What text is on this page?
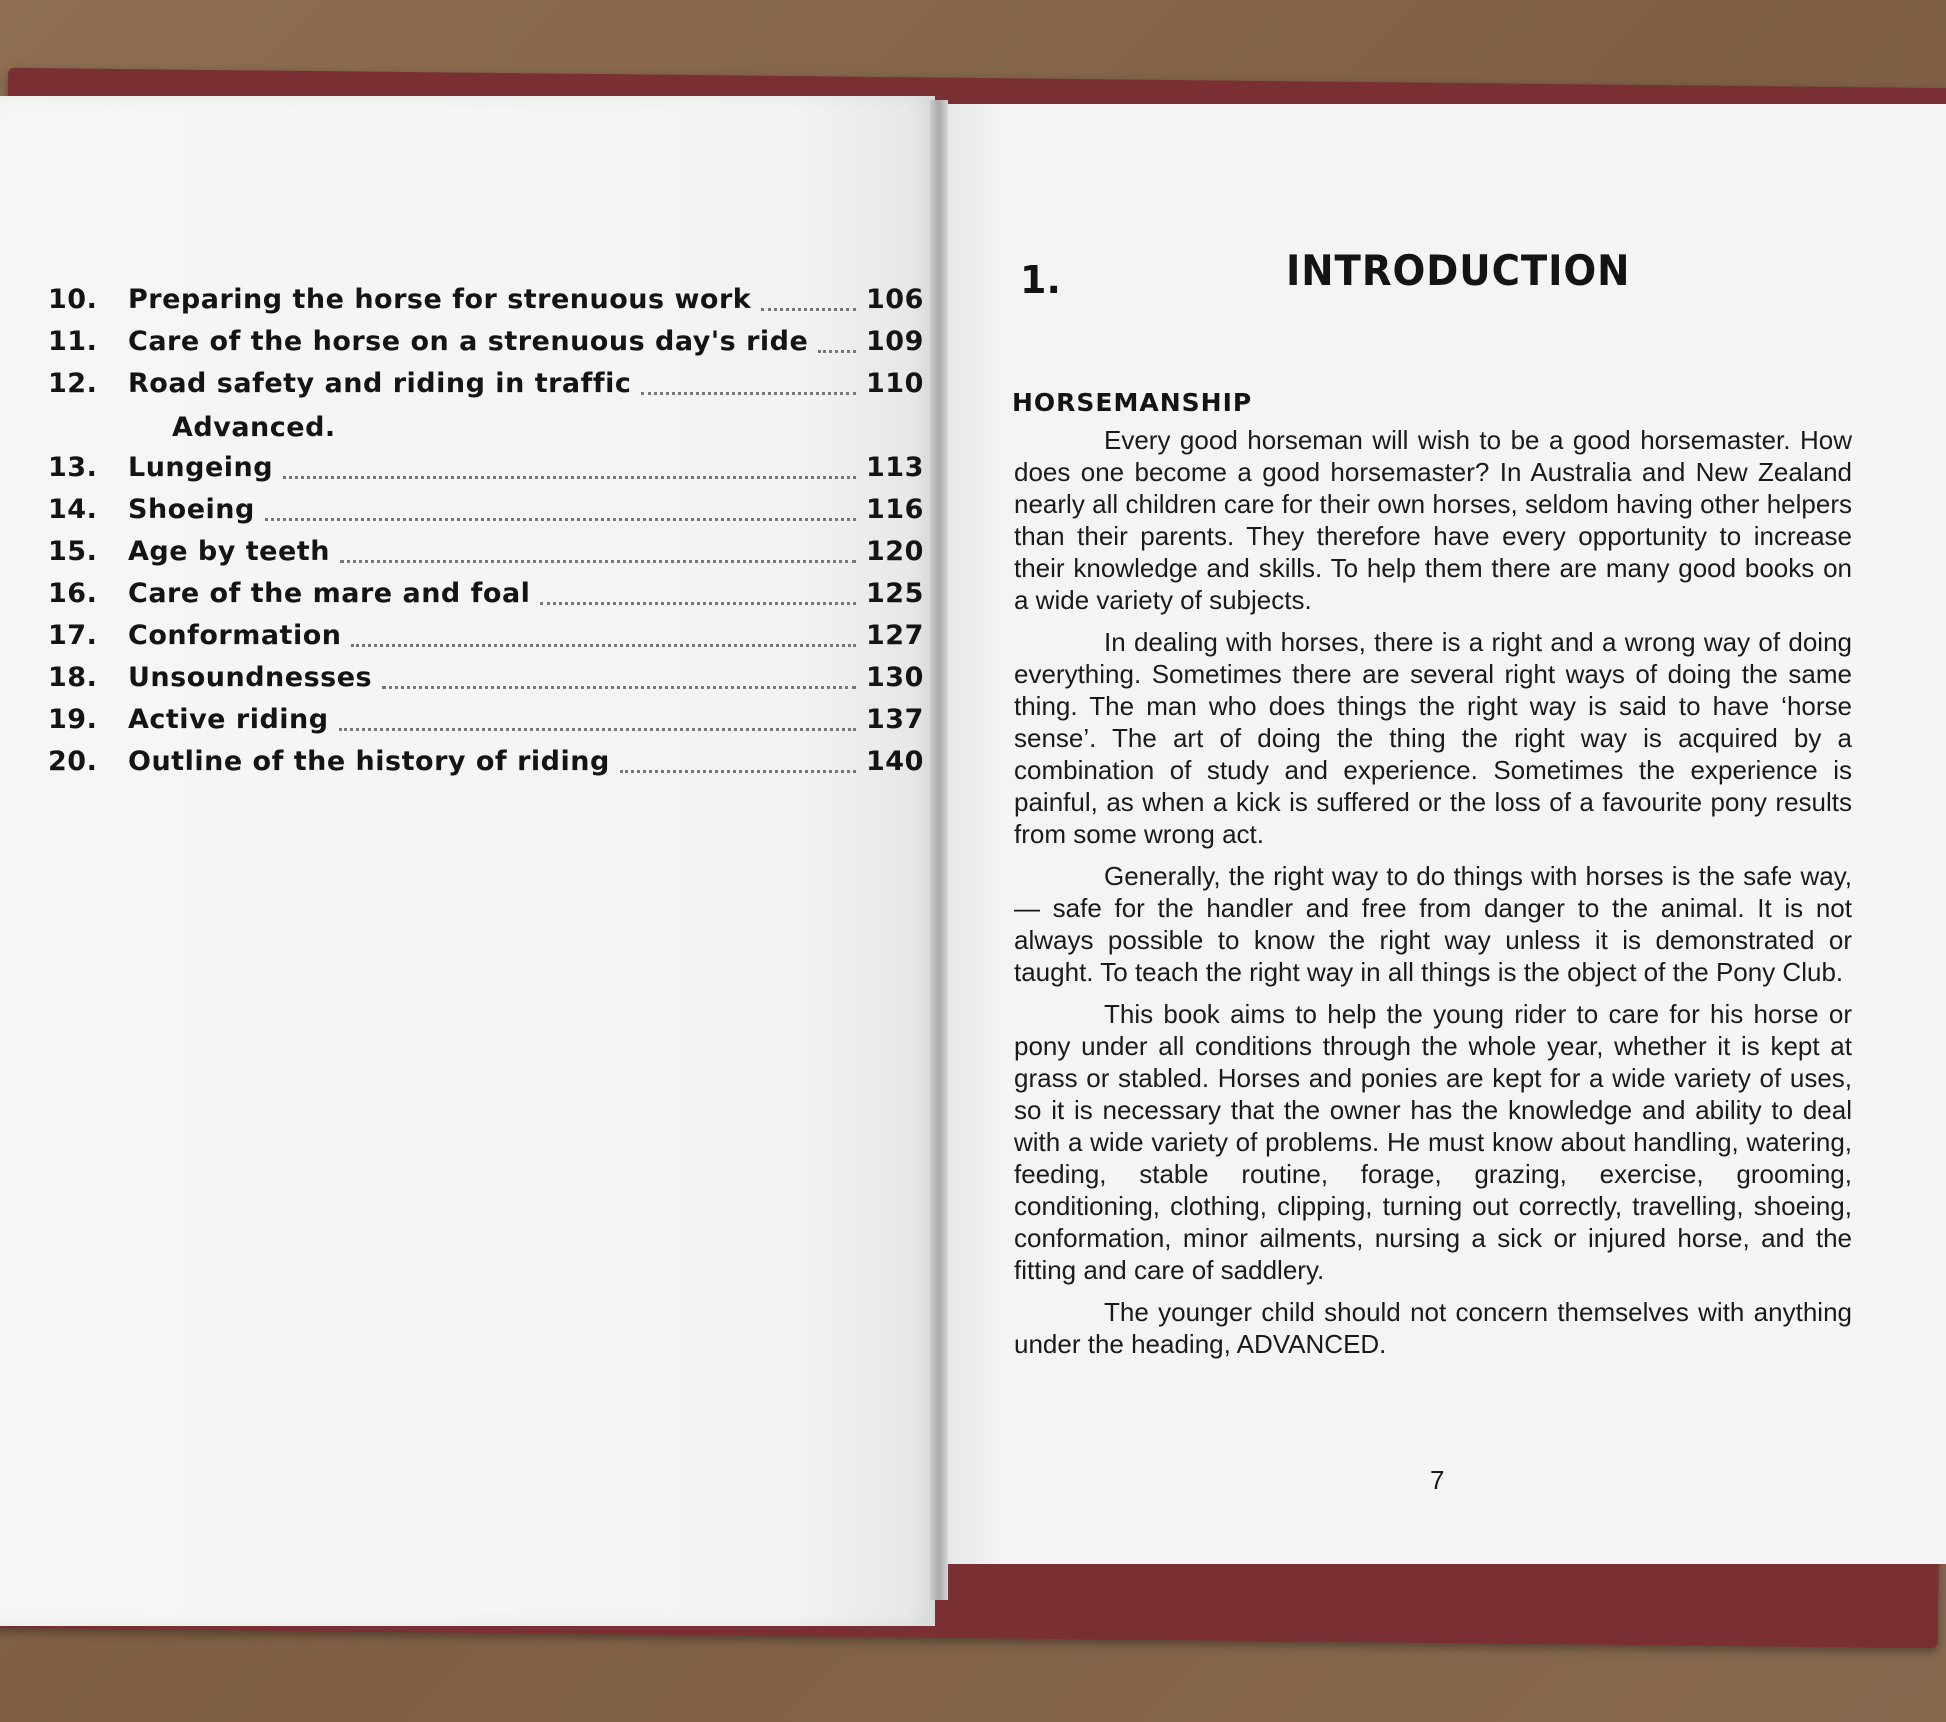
10.	Preparing the horse for strenuous work	106
11.	Care of the horse on a strenuous day's ride 109
12.	Road safety and riding in traffic	110
Advanced.
13.	Lungeing	113
14.	Shoeing	116
15.	Age by teeth	120
16.	Care of the mare and foal	125
17.	Conformation	127
18.	Unsoundnesses	130
19.	Active riding	137
20.	Outline of the history of riding	140
1.	INTRODUCTION
HORSEMANSHIP

Every good horseman will wish to be a good horsemaster. How does one become a good horsemaster? In Australia and New Zealand nearly all children care for their own horses, seldom having other helpers than their parents. They therefore have every opportunity to increase their knowledge and skills. To help them there are many good books on a wide variety of subjects.

In dealing with horses, there is a right and a wrong way of doing everything. Sometimes there are several right ways of doing the same thing. The man who does things the right way is said to have ‘horse sense’. The art of doing the thing the right way is acquired by a combination of study and experience. Sometimes the experience is painful, as when a kick is suffered or the loss of a favourite pony results from some wrong act.

Generally, the right way to do things with horses is the safe way, — safe for the handler and free from danger to the animal. It is not always possible to know the right way unless it is demonstrated or taught. To teach the right way in all things is the object of the Pony Club.

This book aims to help the young rider to care for his horse or pony under all conditions through the whole year, whether it is kept at grass or stabled. Horses and ponies are kept for a wide variety of uses, so it is necessary that the owner has the knowledge and ability to deal with a wide variety of problems. He must know about handling, watering, feeding, stable routine, forage, grazing, exercise, grooming, conditioning, clothing, clipping, turning out correctly, travelling, shoeing, conformation, minor ailments, nursing a sick or injured horse, and the fitting and care of saddlery.

The younger child should not concern themselves with anything under the heading, ADVANCED.

7
